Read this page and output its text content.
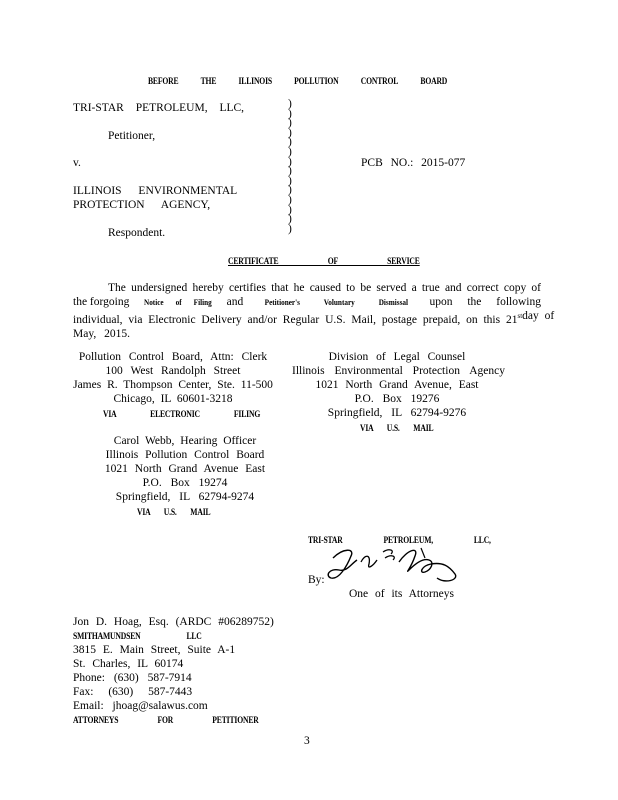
BEFORE THE ILLINOIS POLLUTION CONTROL BOARD
TRI-STAR PETROLEUM, LLC,
Petitioner,
v.
ILLINOIS ENVIRONMENTAL
PROTECTION AGENCY,
Respondent.
)
)
)
)
)
)
)
)
)
)
)
)
)
)
PCB NO.: 2015-077
CERTIFICATE OF SERVICE
The undersigned hereby certifies that he caused to be served a true and correct copy of
the forgoing Notice of Filing and	Petitioner's Voluntary Dismissal upon the following
individual, via Electronic Delivery and/or Regular U.S. Mail, postage prepaid, on this 21st day of
May, 2015.
Pollution Control Board, Attn: Clerk
100 West Randolph Street
James R. Thompson Center, Ste. 11-500
Chicago, IL 60601-3218
VIA ELECTRONIC FILING
Division of Legal Counsel
Illinois Environmental Protection Agency
1021 North Grand Avenue, East
P.O. Box 19276
Springfield, IL 62794-9276
VIA U.S. MAIL
Carol Webb, Hearing Officer
Illinois Pollution Control Board
1021 North Grand Avenue East
P.O. Box 19274
Springfield, IL 62794-9274
VIA U.S. MAIL
TRI-STAR PETROLEUM, LLC,
By:
One of its Attorneys
Jon D. Hoag, Esq. (ARDC #06289752)
SMITHAMUNDSEN LLC
3815 E. Main Street, Suite A-1
St. Charles, IL 60174
Phone: (630) 587-7914
Fax: (630) 587-7443
Email: jhoag@salawus.com
ATTORNEYS FOR PETITIONER
3
